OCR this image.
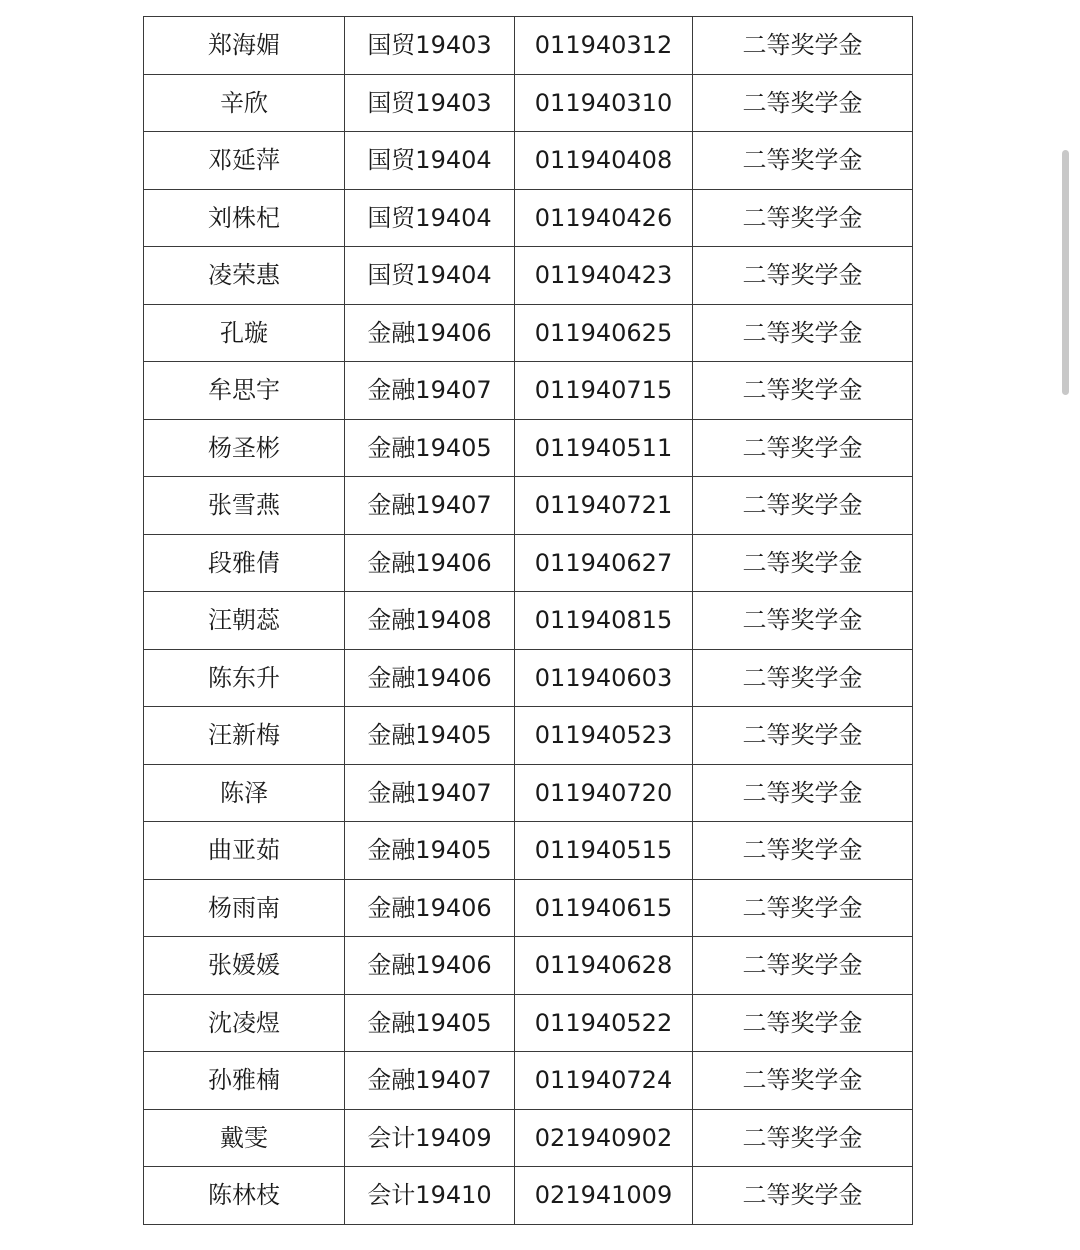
郑海媚	国贸19403	011940312	二等奖学金
辛欣	国贸19403	011940310	二等奖学金
邓延萍	国贸19404	011940408	二等奖学金
刘株杞	国贸19404	011940426	二等奖学金
凌荣惠	国贸19404	011940423	二等奖学金
孔璇	金融19406	011940625	二等奖学金
牟思宇	金融19407	011940715	二等奖学金
杨圣彬	金融19405	011940511	二等奖学金
张雪燕	金融19407	011940721	二等奖学金
段雅倩	金融19406	011940627	二等奖学金
汪朝蕊	金融19408	011940815	二等奖学金
陈东升	金融19406	011940603	二等奖学金
汪新梅	金融19405	011940523	二等奖学金
陈泽	金融19407	011940720	二等奖学金
曲亚茹	金融19405	011940515	二等奖学金
杨雨南	金融19406	011940615	二等奖学金
张媛媛	金融19406	011940628	二等奖学金
沈凌煜	金融19405	011940522	二等奖学金
孙雅楠	金融19407	011940724	二等奖学金
戴雯	会计19409	021940902	二等奖学金
陈林枝	会计19410	021941009	二等奖学金
